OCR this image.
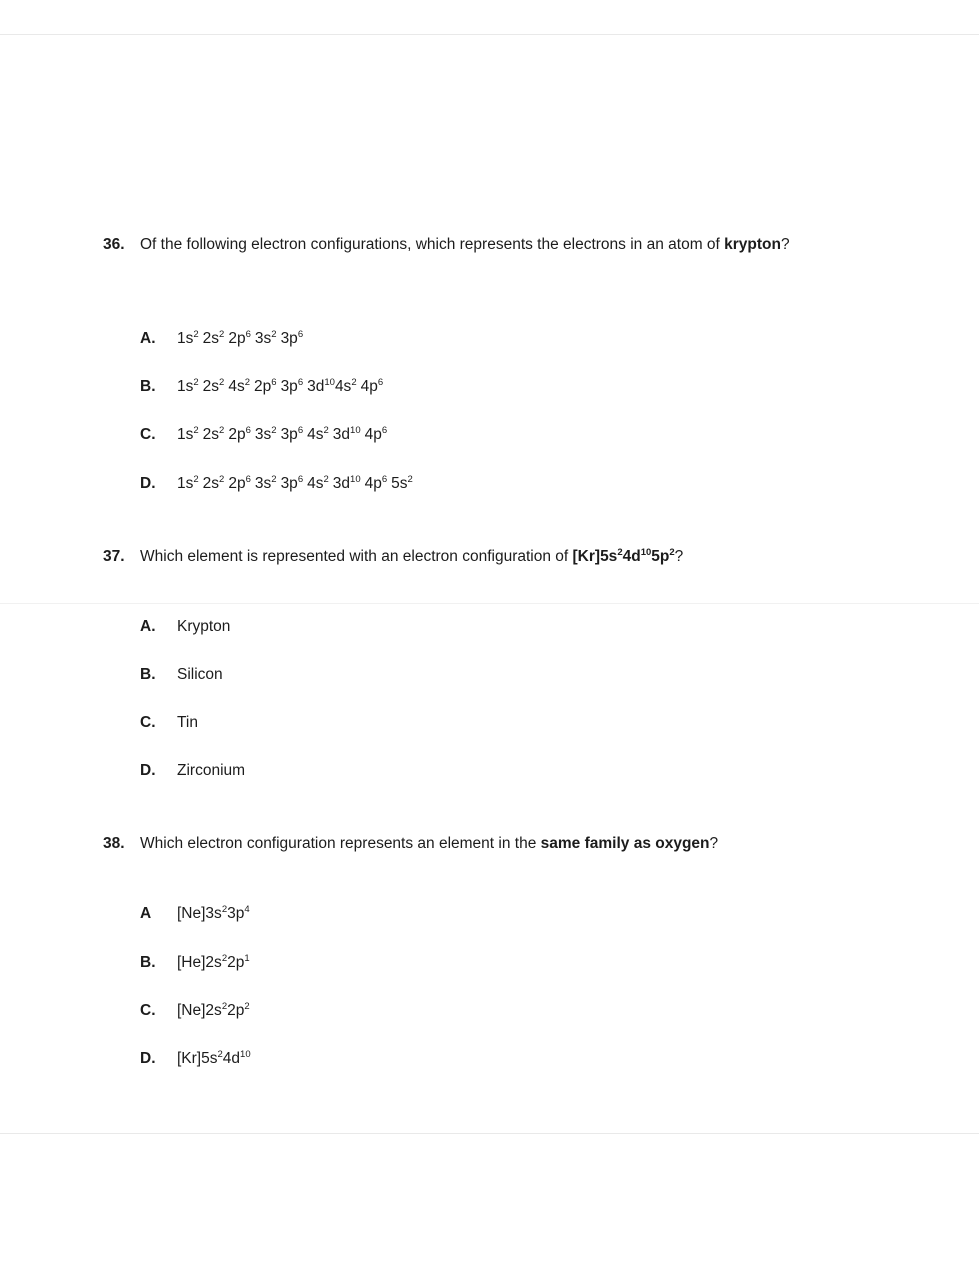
36. Of the following electron configurations, which represents the electrons in an atom of krypton?
A. $1s^2$ $2s^2$ $2p^6$ $3s^2$ $3p^6$
B. $1s^2$ $2s^2$ $4s^2$ $2p^6$ $3p^6$ $3d^{10}4s^2$ $4p^6$
C. $1s^2$ $2s^2$ $2p^6$ $3s^2$ $3p^6$ $4s^2$ $3d^{10}$ $4p^6$
D. $1s^2$ $2s^2$ $2p^6$ $3s^2$ $3p^6$ $4s^2$ $3d^{10}$ $4p^6$ $5s^2$
37. Which element is represented with an electron configuration of $[Kr]5s^24d^{10}5p^2$?
A. Krypton
B. Silicon
C. Tin
D. Zirconium
38. Which electron configuration represents an element in the same family as oxygen?
A $[Ne]3s^23p^4$
B. $[He]2s^22p^1$
C. $[Ne]2s^22p^2$
D. $[Kr]5s^24d^{10}$
